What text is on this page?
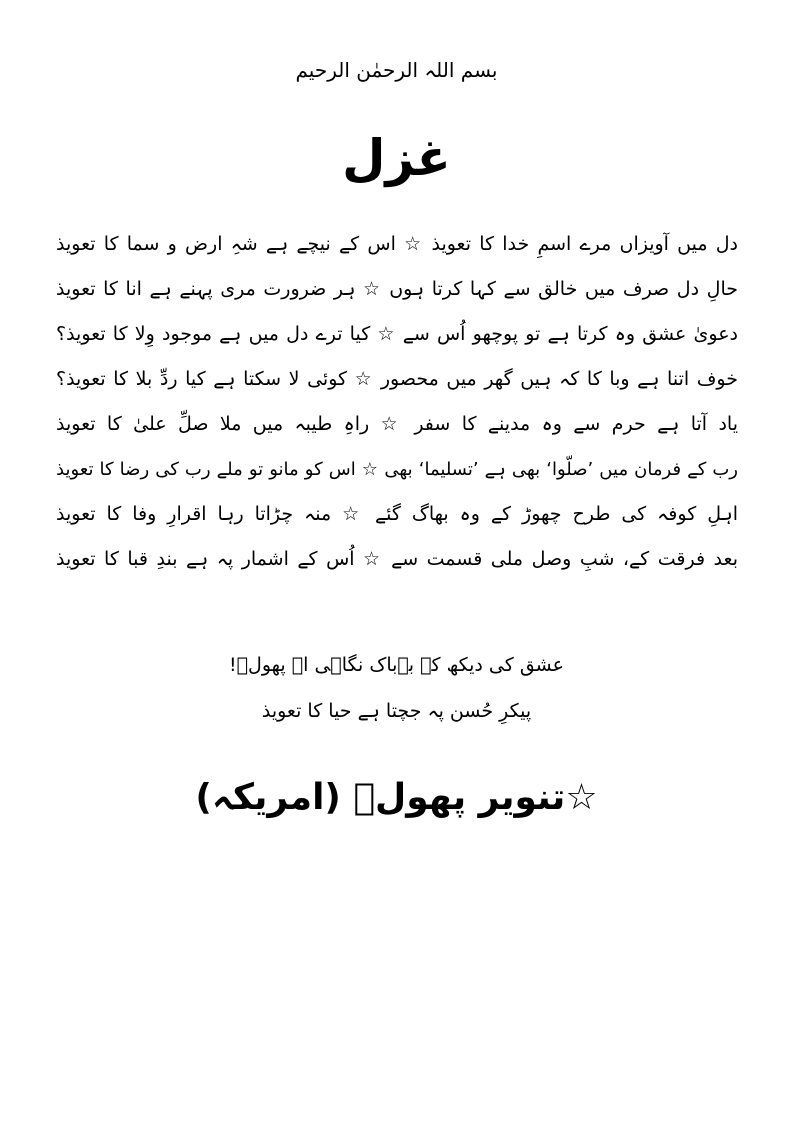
بسم اللہ الرحمٰن الرحیم
غزل
دل میں آویزاں مرے اسمِ خدا کا تعویذ ☆ اس کے نیچے ہے شہِ ارض و سما کا تعویذ
حالِ دل صرف میں خالق سے کہا کرتا ہوں ☆ ہر ضرورت مری پہنے ہے انا کا تعویذ
دعویٰ عشق وہ کرتا ہے تو پوچھو اُس سے ☆ کیا ترے دل میں ہے موجود وِلا کا تعویذ؟
خوف اتنا ہے وبا کا کہ ہیں گھر میں محصور ☆ کوئی لا سکتا ہے کیا ردِّ بلا کا تعویذ؟
یاد آتا ہے حرم سے وہ مدینے کا سفر ☆ راہِ طیبہ میں ملا صلِّ علیٰ کا تعویذ
رب کے فرمان میں ’صلّوا‘ بھی ہے ’تسلیما‘ بھی ☆ اس کو مانو تو ملے رب کی رضا کا تعویذ
اہلِ کوفہ کی طرح چھوڑ کے وہ بھاگ گئے ☆ منہ چڑاتا رہا اقرارِ وفا کا تعویذ
بعد فرقت کے، شبِ وصل ملی قسمت سے ☆ اُس کے اشمار پہ ہے بندِ قبا کا تعویذ
عشق کی دیکھ کے بےباک نگاہی اے پھولؔ!
پیکرِ حُسن پہ جچتا ہے حیا کا تعویذ
☆تنویر پھولؔ (امریکہ)
